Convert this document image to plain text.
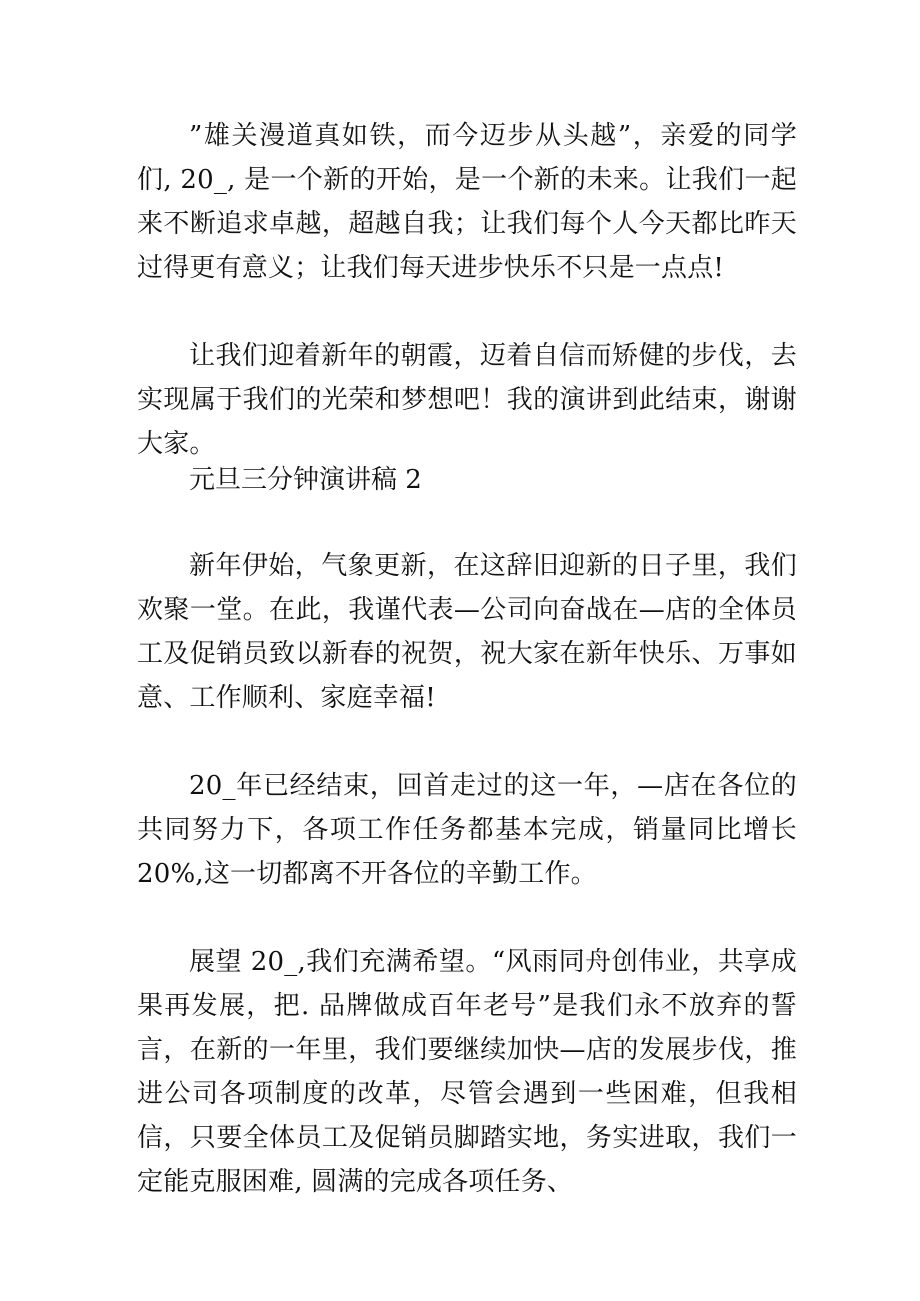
”雄关漫道真如铁，而今迈步从头越”，亲爱的同学们, 20_, 是一个新的开始，是一个新的未来。让我们一起来不断追求卓越，超越自我；让我们每个人今天都比昨天过得更有意义；让我们每天进步快乐不只是一点点!

让我们迎着新年的朝霞，迈着自信而矫健的步伐，去实现属于我们的光荣和梦想吧！我的演讲到此结束，谢谢大家。

元旦三分钟演讲稿 2

新年伊始，气象更新，在这辞旧迎新的日子里，我们欢聚一堂。在此，我谨代表—公司向奋战在—店的全体员工及促销员致以新春的祝贺，祝大家在新年快乐、万事如意、工作顺利、家庭幸福!

20_年已经结束，回首走过的这一年，—店在各位的共同努力下，各项工作任务都基本完成，销量同比增长 20%,这一切都离不开各位的辛勤工作。

展望 20_,我们充满希望。“风雨同舟创伟业，共享成果再发展，把. 品牌做成百年老号”是我们永不放弃的誓言，在新的一年里，我们要继续加快—店的发展步伐，推进公司各项制度的改革，尽管会遇到一些困难，但我相信，只要全体员工及促销员脚踏实地，务实进取，我们一定能克服困难, 圆满的完成各项任务、
